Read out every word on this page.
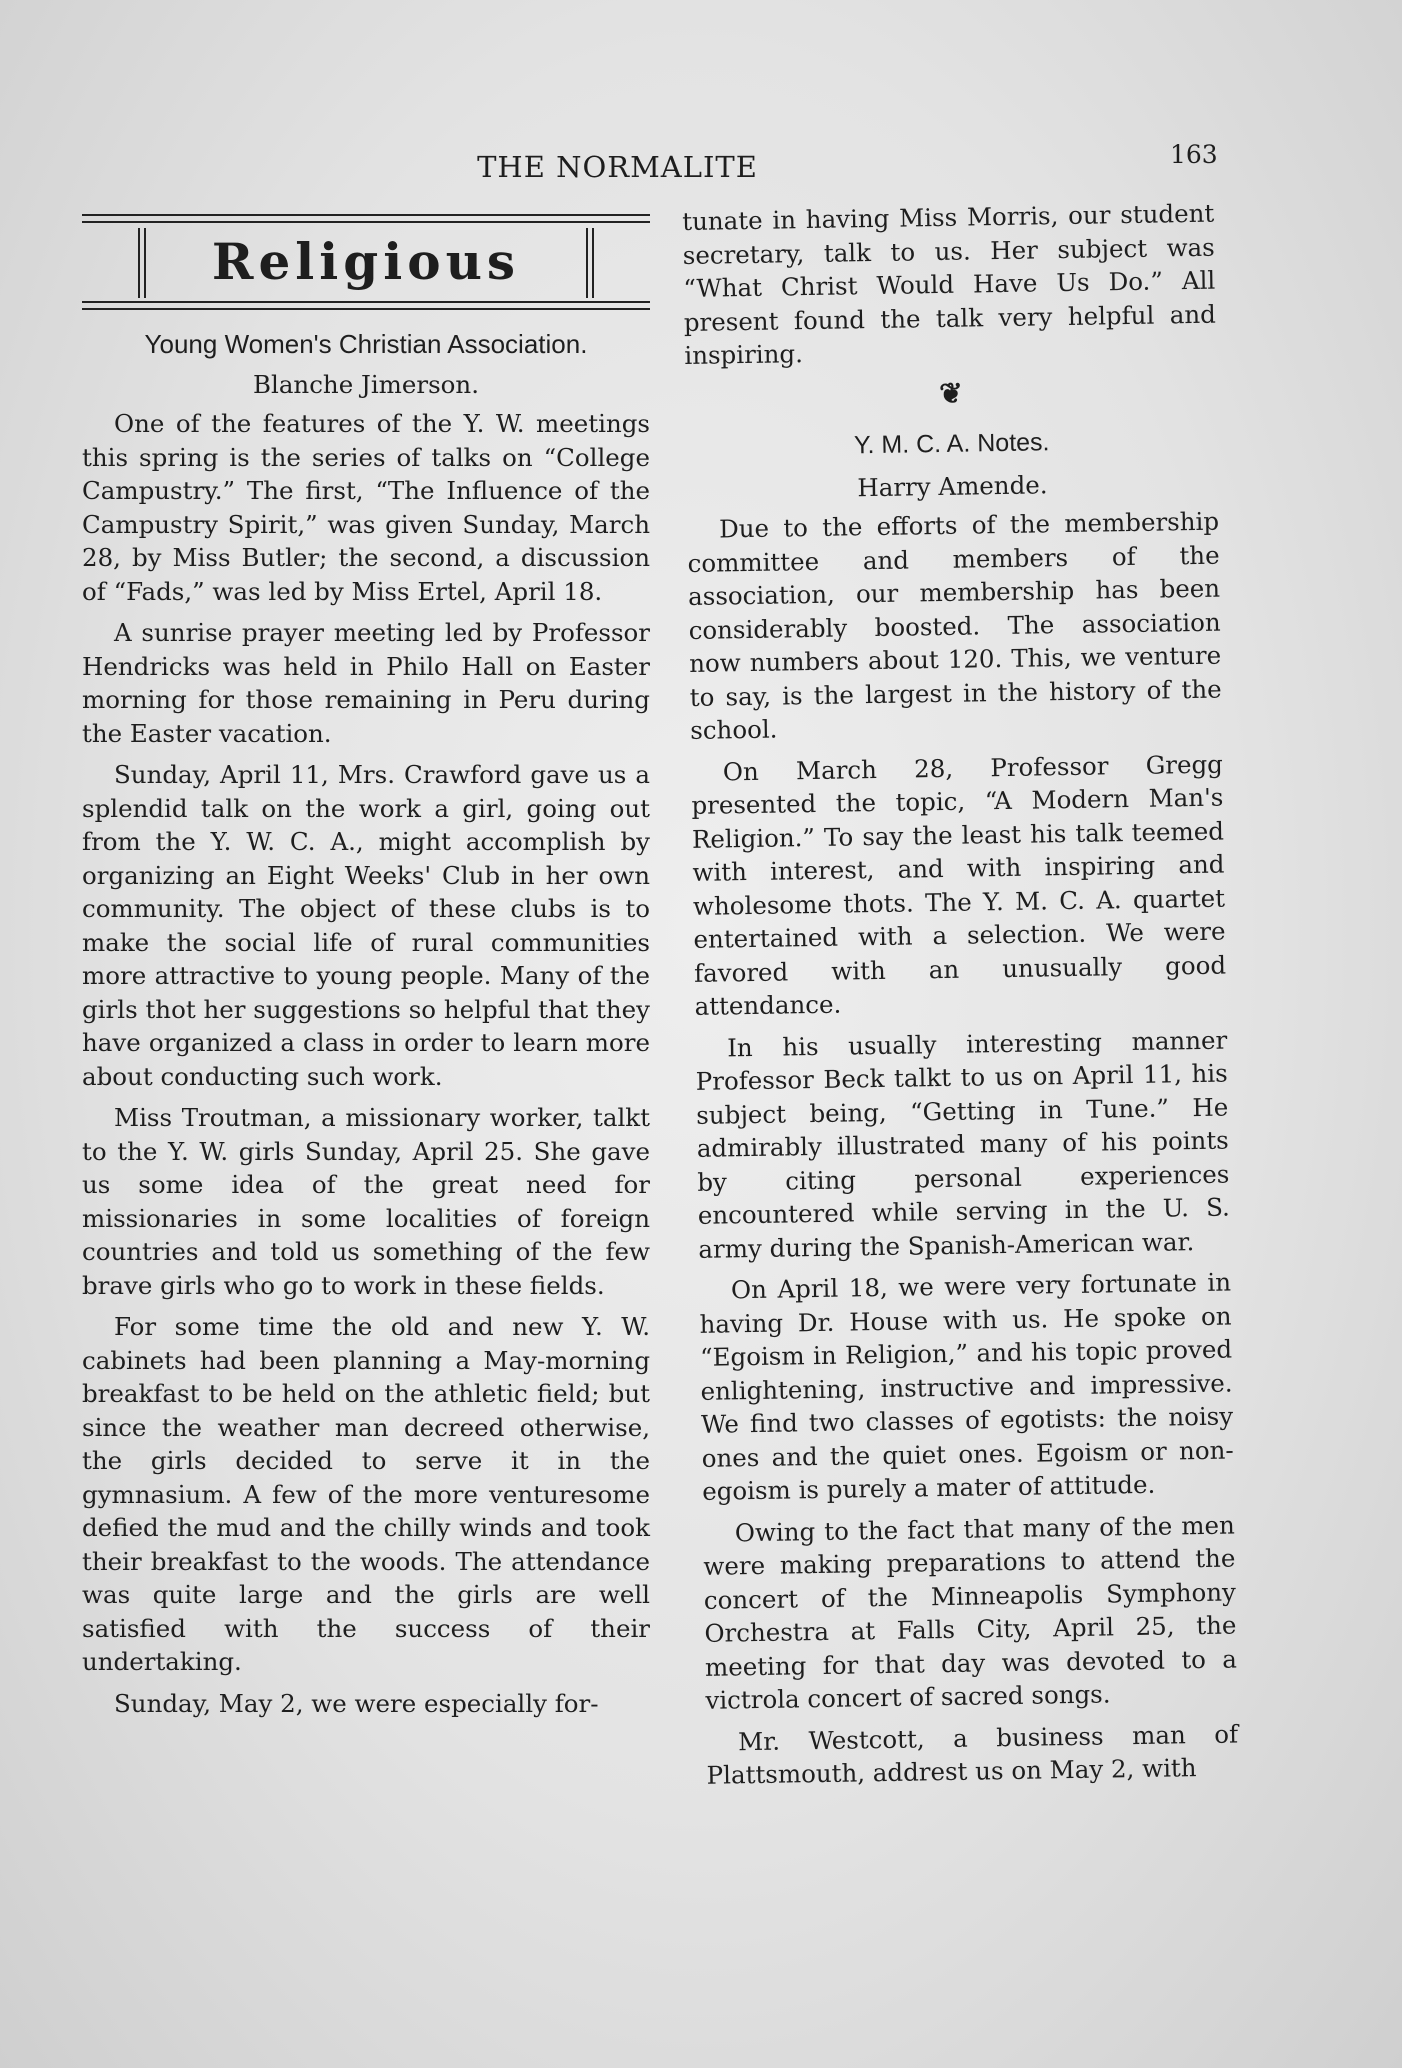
THE NORMALITE	163
Religious
Young Women's Christian Association.
Blanche Jimerson.

One of the features of the Y. W. meetings this spring is the series of talks on “College Campustry.” The first, “The Influence of the Campustry Spirit,” was given Sunday, March 28, by Miss Butler; the second, a discussion of “Fads,” was led by Miss Ertel, April 18.

A sunrise prayer meeting led by Professor Hendricks was held in Philo Hall on Easter morning for those remaining in Peru during the Easter vacation.

Sunday, April 11, Mrs. Crawford gave us a splendid talk on the work a girl, going out from the Y. W. C. A., might accomplish by organizing an Eight Weeks' Club in her own community. The object of these clubs is to make the social life of rural communities more attractive to young people. Many of the girls thot her suggestions so helpful that they have organized a class in order to learn more about conducting such work.

Miss Troutman, a missionary worker, talkt to the Y. W. girls Sunday, April 25. She gave us some idea of the great need for missionaries in some localities of foreign countries and told us something of the few brave girls who go to work in these fields.

For some time the old and new Y. W. cabinets had been planning a May-morning breakfast to be held on the athletic field; but since the weather man decreed otherwise, the girls decided to serve it in the gymnasium. A few of the more venturesome defied the mud and the chilly winds and took their breakfast to the woods. The attendance was quite large and the girls are well satisfied with the success of their undertaking.

Sunday, May 2, we were especially for-

tunate in having Miss Morris, our student secretary, talk to us. Her subject was “What Christ Would Have Us Do.” All present found the talk very helpful and inspiring.

❦
Y. M. C. A. Notes.
Harry Amende.

Due to the efforts of the membership committee and members of the association, our membership has been considerably boosted. The association now numbers about 120. This, we venture to say, is the largest in the history of the school.

On March 28, Professor Gregg presented the topic, “A Modern Man's Religion.” To say the least his talk teemed with interest, and with inspiring and wholesome thots. The Y. M. C. A. quartet entertained with a selection. We were favored with an unusually good attendance.

In his usually interesting manner Professor Beck talkt to us on April 11, his subject being, “Getting in Tune.” He admirably illustrated many of his points by citing personal experiences encountered while serving in the U. S. army during the Spanish-American war.

On April 18, we were very fortunate in having Dr. House with us. He spoke on “Egoism in Religion,” and his topic proved enlightening, instructive and impressive. We find two classes of egotists: the noisy ones and the quiet ones. Egoism or non-egoism is purely a mater of attitude.

Owing to the fact that many of the men were making preparations to attend the concert of the Minneapolis Symphony Orchestra at Falls City, April 25, the meeting for that day was devoted to a victrola concert of sacred songs.

Mr. Westcott, a business man of Plattsmouth, addrest us on May 2, with
